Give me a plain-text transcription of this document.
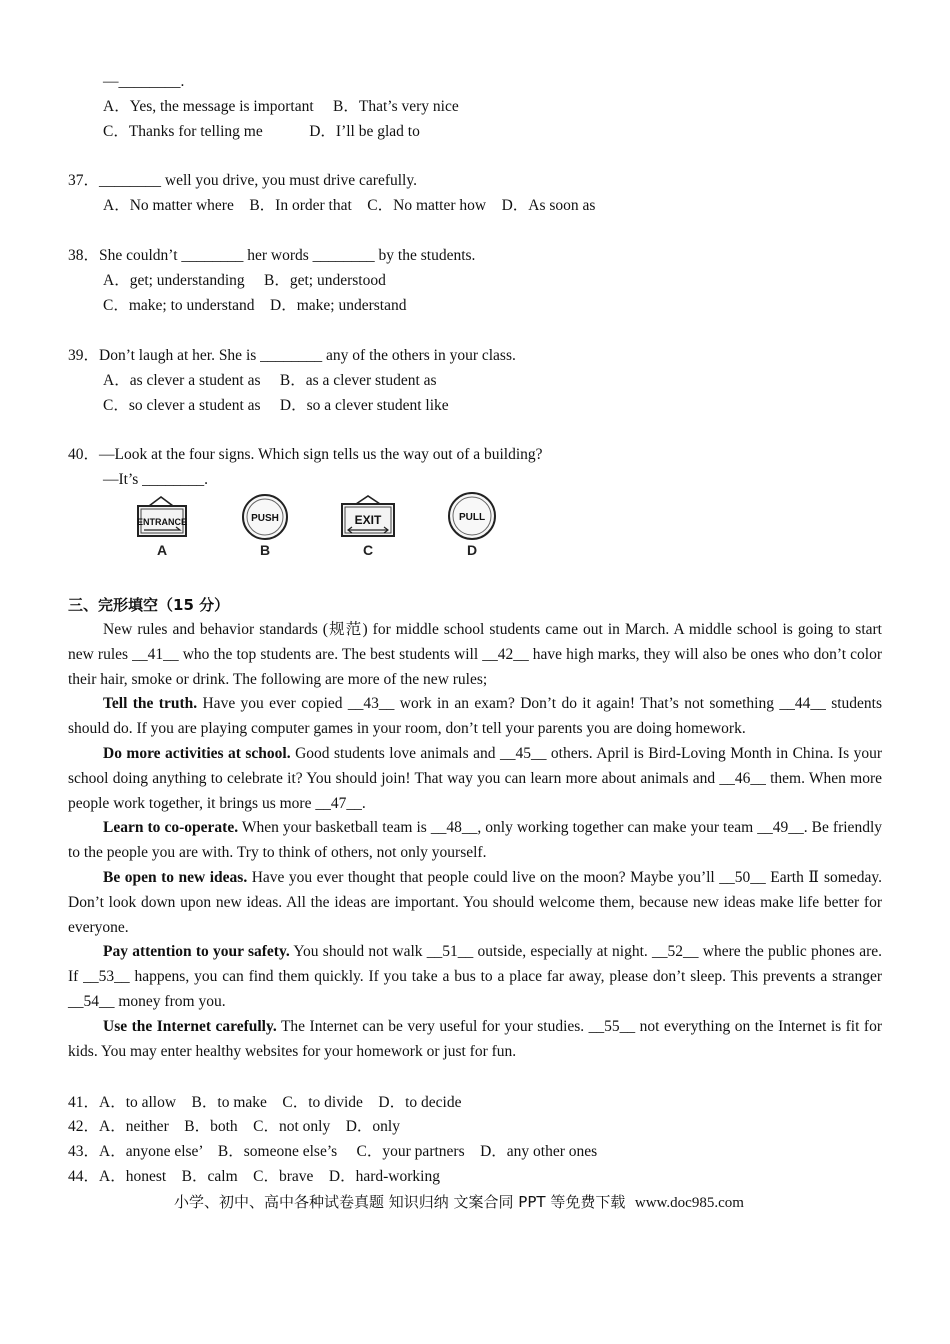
—________.
A．Yes, the message is important　 B．That’s very nice
C．Thanks for telling me　　　D．I’ll be glad to
37．________ well you drive, you must drive carefully.
A．No matter where　B．In order that　C．No matter how　D．As soon as
38．She couldn’t ________ her words ________ by the students.
A．get; understanding　 B．get; understood
C．make; to understand　D．make; understand
39．Don’t laugh at her. She is ________ any of the others in your class.
A．as clever a student as　 B．as a clever student as
C．so clever a student as　 D．so a clever student like
40．—Look at the four signs. Which sign tells us the way out of a building?
—It’s ________.
ENTRANCE
A
PUSH
B
EXIT
C
PULL
D
三、完形填空（15 分）

New rules and behavior standards (规范) for middle school students came out in March. A middle school is going to start new rules __41__ who the top students are. The best students will __42__ have high marks, they will also be ones who don’t color their hair, smoke or drink. The following are more of the new rules;

Tell the truth. Have you ever copied __43__ work in an exam? Don’t do it again! That’s not something __44__ students should do. If you are playing computer games in your room, don’t tell your parents you are doing homework.

Do more activities at school. Good students love animals and __45__ others. April is Bird-Loving Month in China. Is your school doing anything to celebrate it? You should join! That way you can learn more about animals and __46__ them. When more people work together, it brings us more __47__.

Learn to co-operate. When your basketball team is __48__, only working together can make your team __49__. Be friendly to the people you are with. Try to think of others, not only yourself.

Be open to new ideas. Have you ever thought that people could live on the moon? Maybe you’ll __50__ Earth Ⅱ someday. Don’t look down upon new ideas. All the ideas are important. You should welcome them, because new ideas make life better for everyone.

Pay attention to your safety. You should not walk __51__ outside, especially at night. __52__ where the public phones are. If __53__ happens, you can find them quickly. If you take a bus to a place far away, please don’t sleep. This prevents a stranger __54__ money from you.

Use the Internet carefully. The Internet can be very useful for your studies. __55__ not everything on the Internet is fit for kids. You may enter healthy websites for your homework or just for fun.

41．A．to allow　B．to make　C．to divide　D．to decide
42．A．neither　B．both　C．not only　D．only
43．A．anyone else’　B．someone else’s　 C．your partners　D．any other ones
44．A．honest　B．calm　C．brave　D．hard-working
小学、初中、高中各种试卷真题 知识归纳 文案合同 PPT 等免费下载 www.doc985.com
